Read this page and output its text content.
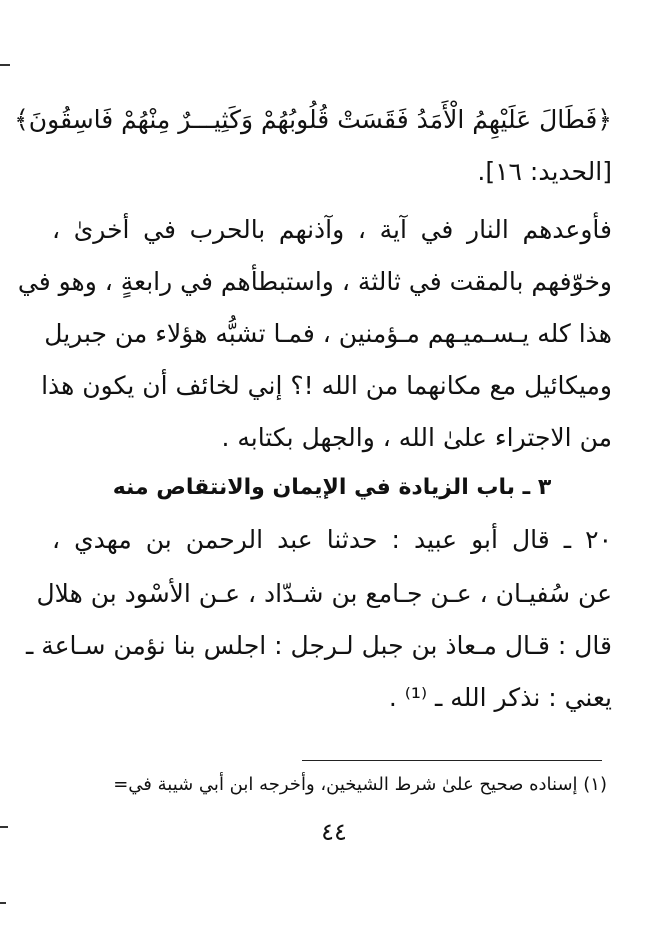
﴿فَطَالَ عَلَيْهِمُ الْأَمَدُ فَقَسَتْ قُلُوبُهُمْ وَكَثِيـــرٌ مِنْهُمْ فَاسِقُونَ﴾
[الحديد: ١٦].
فأوعدهم النار في آية ، وآذنهم بالحرب في أخرىٰ ،
وخوّفهم بالمقت في ثالثة ، واستبطأهم في رابعةٍ ، وهو في
هذا كله يـسـميـهم مـؤمنين ، فمـا تشبُّه هؤلاء من جبريل
وميكائيل مع مكانهما من الله !؟ إني لخائف أن يكون هذا
من الاجتراء علىٰ الله ، والجهل بكتابه .
٣ ـ باب الزيادة في الإيمان والانتقاص منه
٢٠ ـ قال أبو عبيد : حدثنا عبد الرحمن بن مهدي ،
عن سُفيـان ، عـن جـامع بن شـدّاد ، عـن الأسْود بن هلال
قال : قـال مـعاذ بن جبل لـرجل : اجلس بنا نؤمن سـاعة ـ
يعني : نذكر الله ـ ⁽¹⁾ .
(١) إسناده صحيح علىٰ شرط الشيخين، وأخرجه ابن أبي شيبة في=
٤٤
